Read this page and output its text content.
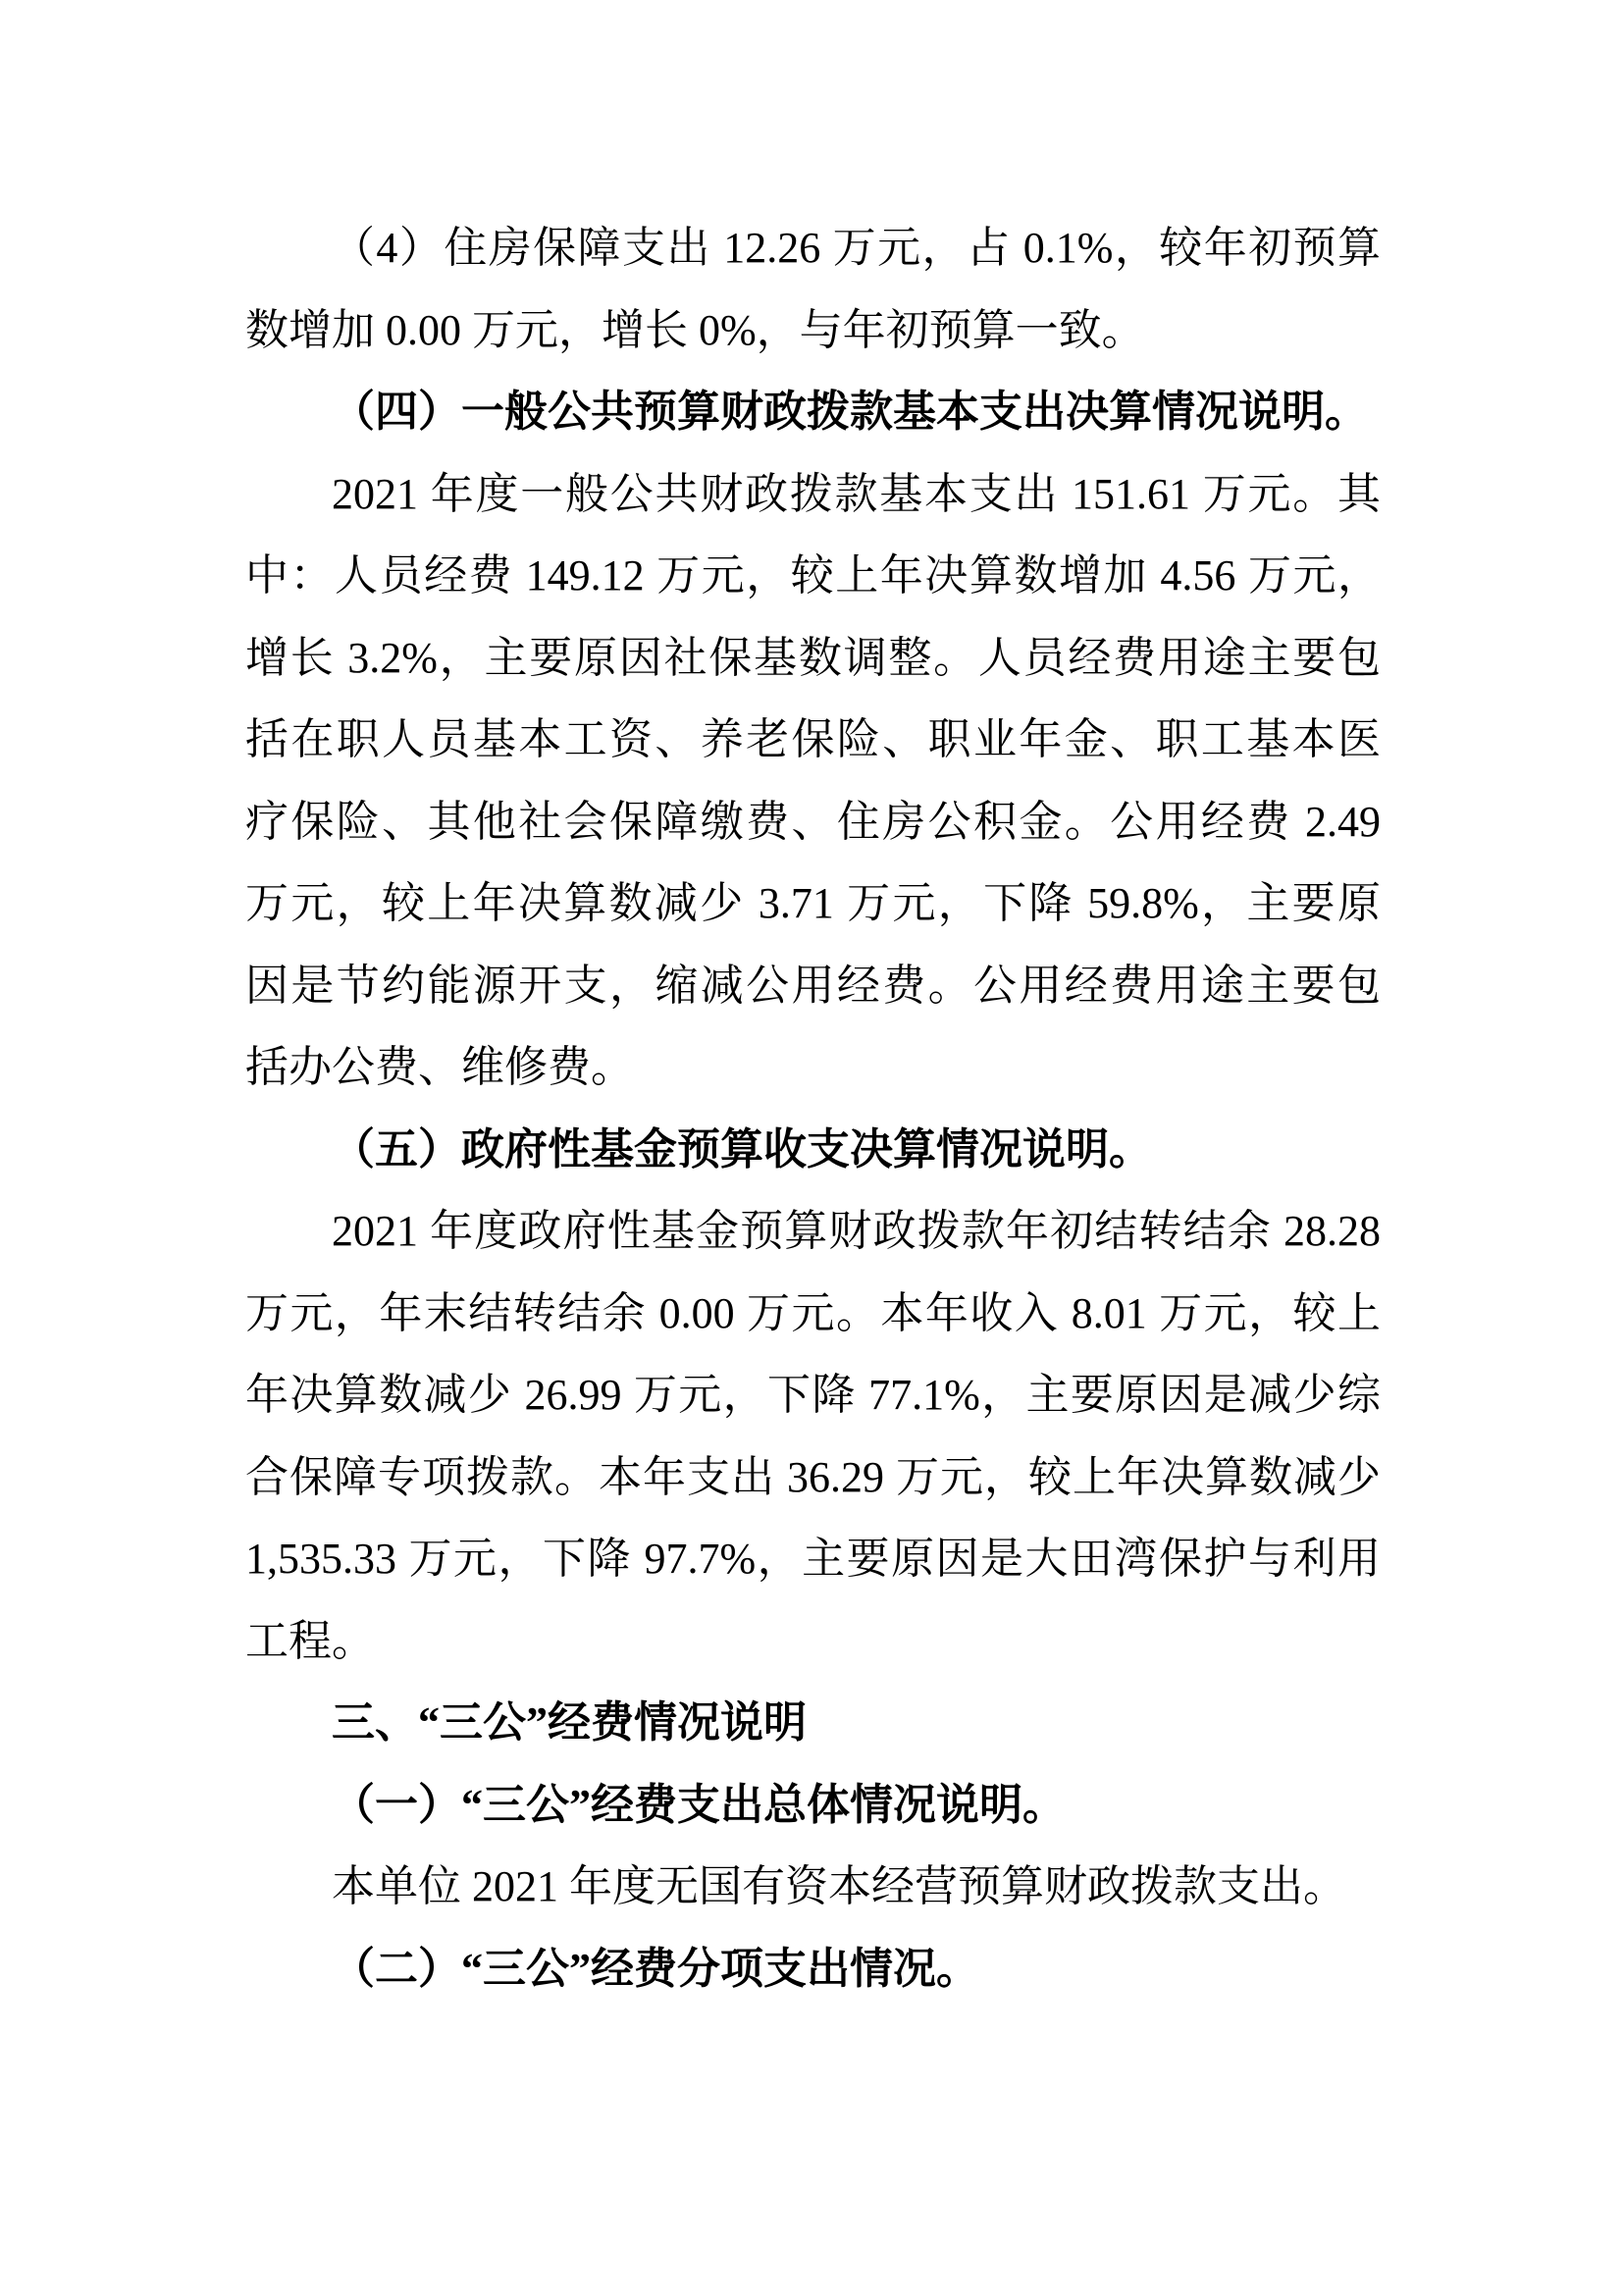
（4）住房保障支出 12.26 万元，占 0.1%，较年初预算
数增加 0.00 万元，增长 0%，与年初预算一致。
（四）一般公共预算财政拨款基本支出决算情况说明。
2021 年度一般公共财政拨款基本支出 151.61 万元。其
中：人员经费 149.12 万元，较上年决算数增加 4.56 万元，
增长 3.2%，主要原因社保基数调整。人员经费用途主要包
括在职人员基本工资、养老保险、职业年金、职工基本医
疗保险、其他社会保障缴费、住房公积金。公用经费 2.49
万元，较上年决算数减少 3.71 万元，下降 59.8%，主要原
因是节约能源开支，缩减公用经费。公用经费用途主要包
括办公费、维修费。
（五）政府性基金预算收支决算情况说明。
2021 年度政府性基金预算财政拨款年初结转结余 28.28
万元，年末结转结余 0.00 万元。本年收入 8.01 万元，较上
年决算数减少 26.99 万元，下降 77.1%，主要原因是减少综
合保障专项拨款。本年支出 36.29 万元，较上年决算数减少
1,535.33 万元，下降 97.7%，主要原因是大田湾保护与利用
工程。
三、“三公”经费情况说明
（一）“三公”经费支出总体情况说明。
本单位 2021 年度无国有资本经营预算财政拨款支出。
（二）“三公”经费分项支出情况。
